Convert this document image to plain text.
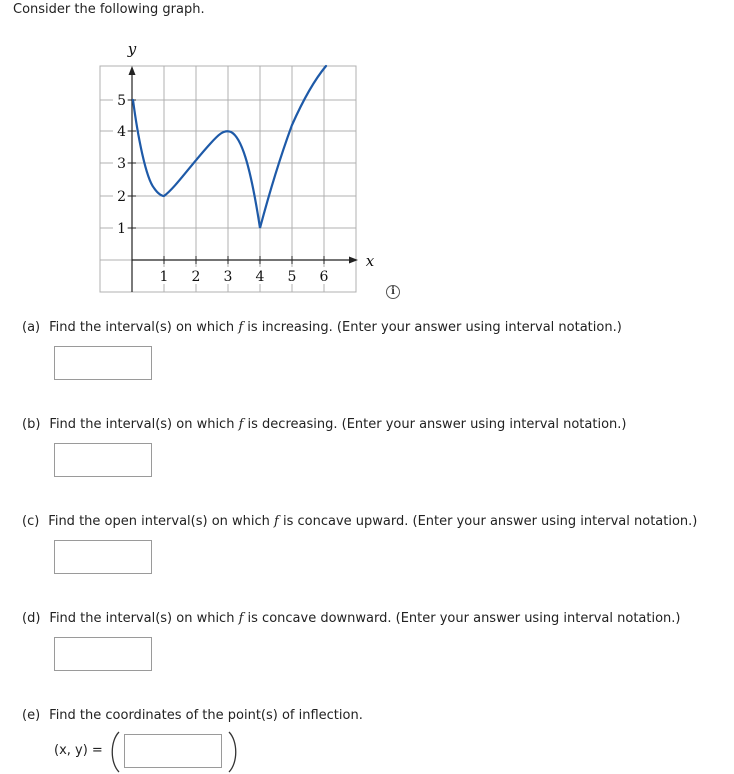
Consider the following graph.
5
4
3
2
1
1 2 3 4 5 6
y
x
i
(a) Find the interval(s) on which f is increasing. (Enter your answer using interval notation.)
(b) Find the interval(s) on which f is decreasing. (Enter your answer using interval notation.)
(c) Find the open interval(s) on which f is concave upward. (Enter your answer using interval notation.)
(d) Find the interval(s) on which f is concave downward. (Enter your answer using interval notation.)
(e) Find the coordinates of the point(s) of inflection.
(x, y) =
